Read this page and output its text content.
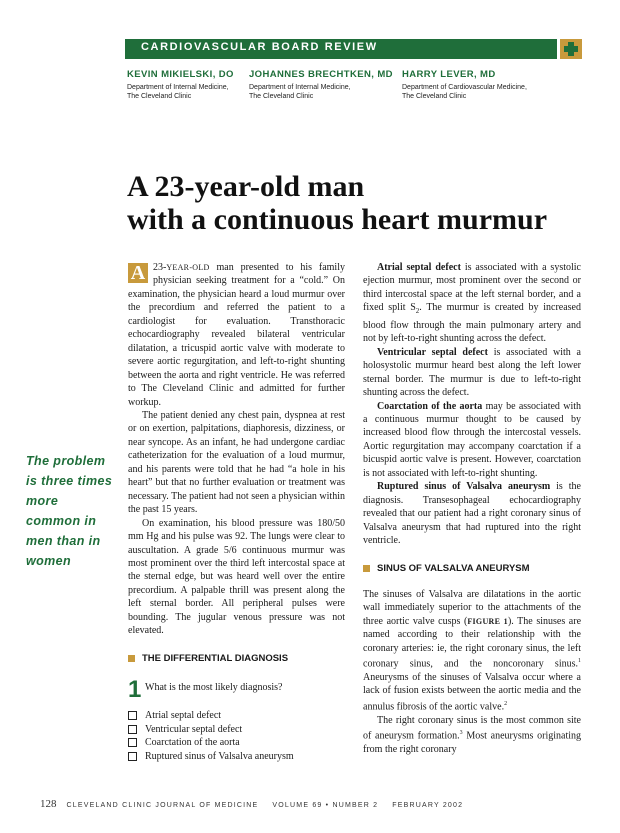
CARDIOVASCULAR BOARD REVIEW
KEVIN MIKIELSKI, DO
Department of Internal Medicine,
The Cleveland Clinic
JOHANNES BRECHTKEN, MD
Department of Internal Medicine,
The Cleveland Clinic
HARRY LEVER, MD
Department of Cardiovascular Medicine,
The Cleveland Clinic
A 23-year-old man
with a continuous heart murmur

The problem is three times more common in men than in women

A 23-YEAR-OLD man presented to his family physician seeking treatment for a “cold.” On examination, the physician heard a loud murmur over the precordium and referred the patient to a cardiologist for evaluation. Transthoracic echocardiography revealed bilateral ventricular dilatation, a tricuspid aortic valve with moderate to severe aortic regurgitation, and left-to-right shunting between the aorta and right ventricle. He was referred to The Cleveland Clinic and admitted for further workup.

The patient denied any chest pain, dyspnea at rest or on exertion, palpitations, diaphoresis, dizziness, or near syncope. As an infant, he had undergone cardiac catheterization for the evaluation of a loud murmur, and his parents were told that he had “a hole in his heart” but that no further evaluation or treatment was necessary. The patient had not seen a physician within the past 15 years.

On examination, his blood pressure was 180/50 mm Hg and his pulse was 92. The lungs were clear to auscultation. A grade 5/6 continuous murmur was most prominent over the third left intercostal space at the sternal edge, but was heard well over the entire precordium. A palpable thrill was present along the left sternal border. All peripheral pulses were bounding. The jugular venous pressure was not elevated.

THE DIFFERENTIAL DIAGNOSIS
1 What is the most likely diagnosis?
Atrial septal defect
Ventricular septal defect
Coarctation of the aorta
Ruptured sinus of Valsalva aneurysm

Atrial septal defect is associated with a systolic ejection murmur, most prominent over the second or third intercostal space at the left sternal border, and a fixed split $S_2$. The murmur is created by increased blood flow through the main pulmonary artery and not by left-to-right shunting across the defect.

Ventricular septal defect is associated with a holosystolic murmur heard best along the left lower sternal border. The murmur is due to left-to-right shunting across the defect.

Coarctation of the aorta may be associated with a continuous murmur thought to be caused by increased blood flow through the intercostal vessels. Aortic regurgitation may accompany coarctation if a bicuspid aortic valve is present. However, coarctation is not associated with left-to-right shunting.

Ruptured sinus of Valsalva aneurysm is the diagnosis. Transesophageal echocardiography revealed that our patient had a right coronary sinus of Valsalva aneurysm that had ruptured into the right ventricle.

SINUS OF VALSALVA ANEURYSM

The sinuses of Valsalva are dilatations in the aortic wall immediately superior to the attachments of the three aortic valve cusps (FIGURE 1). The sinuses are named according to their relationship with the coronary arteries: ie, the right coronary sinus, the left coronary sinus, and the noncoronary sinus.$^1$ Aneurysms of the sinuses of Valsalva occur where a lack of fusion exists between the aortic media and the annulus fibrosis of the aortic valve.$^2$

The right coronary sinus is the most common site of aneurysm formation.$^3$ Most aneurysms originating from the right coronary

128 CLEVELAND CLINIC JOURNAL OF MEDICINE VOLUME 69 • NUMBER 2 FEBRUARY 2002
